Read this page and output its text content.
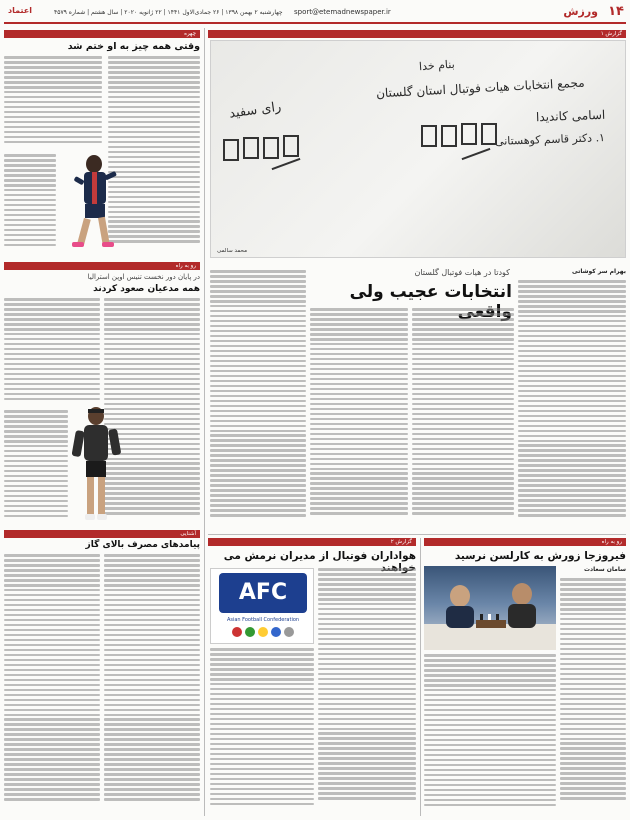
۱۴
ورزش
sport@etemadnewspaper.ir
چهارشنبه ۲ بهمن ۱۳۹۸ | ۲۶ جمادی‌الاول ۱۴۴۱ | ۲۲ ژانویه ۲۰۲۰ | سال هشتم | شماره ۴۵۷۹
اعتماد
گزارش ۱
بنام خدا
مجمع انتخابات هیات فوتبال استان گلستان
اسامی کاندیدا
۱. دکتر قاسم کوهستانی
رای سفید
محمد سالمی
کودتا در هیات فوتبال گلستان
انتخابات عجیب ولی
بهرام سر کوشاتی
چهره
وقتی همه چیز به او ختم شد
رو به راه
در پایان دور نخست تنیس اوپن استرالیا
همه مدعیان صعود کردند
آشنایی
پیامدهای مصرف بالای گاز	گزارش ۲
هواداران فوتبال از مدیران نرمش می
AFC
Asian Football Confederation
رو به راه
فیروزجا زورش به کارلسن نرسید
سامان سعادت
